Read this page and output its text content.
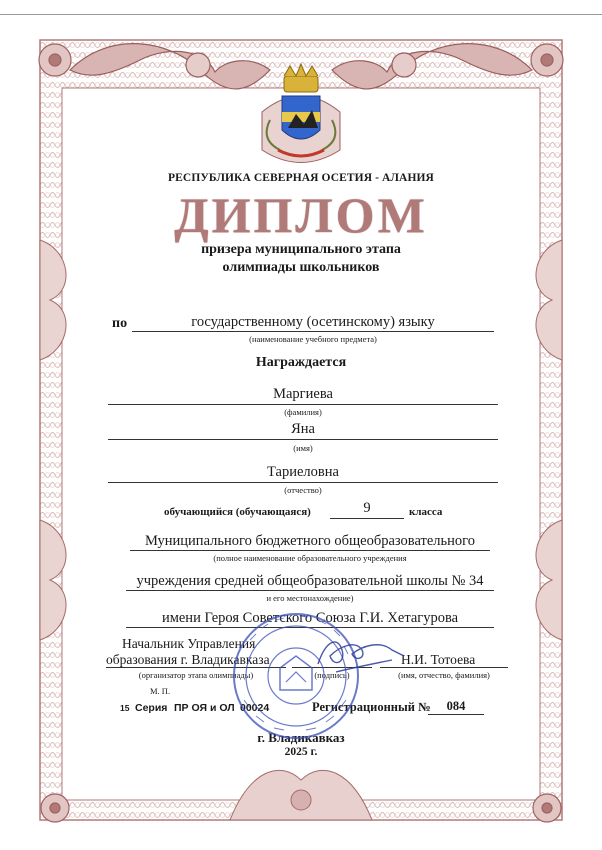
РЕСПУБЛИКА СЕВЕРНАЯ ОСЕТИЯ - АЛАНИЯ
ДИПЛОМ
призера муниципального этапа
олимпиады школьников
по	государственному (осетинскому) языку
(наименование учебного предмета)
Награждается
Маргиева
(фамилия)
Яна
(имя)
Тариеловна
(отчество)
обучающийся (обучающаяся)	9	класса
Муниципального бюджетного общеобразовательного
(полное наименование образовательного учреждения
учреждения средней общеобразовательной школы № 34
и его местонахождение)
имени Героя Советского Союза Г.И. Хетагурова
Начальник Управления
образования г. Владикавказа
(организатор этапа олимпиады)	(подпись)
Н.И. Тотоева
(имя, отчество, фамилия)
М. П.
15 Серия ПР ОЯ и ОЛ 00024	Регистрационный №	084
г. Владикавказ
2025 г.
